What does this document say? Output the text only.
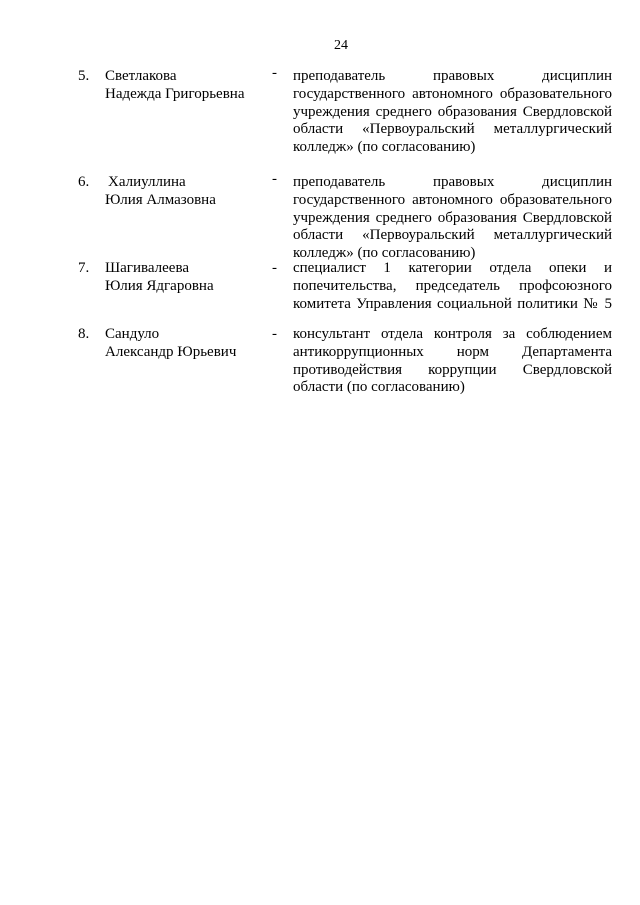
24
5. Светлакова
Надежда Григорьевна
- преподаватель правовых дисциплин
государственного автономного образовательного
учреждения среднего образования Свердловской
области «Первоуральский металлургический
колледж» (по согласованию)
6. Халиуллина
Юлия Алмазовна
- преподаватель правовых дисциплин
государственного автономного образовательного
учреждения среднего образования Свердловской
области «Первоуральский металлургический
колледж» (по согласованию)
7. Шагивалеева
Юлия Ядгаровна
- специалист 1 категории отдела опеки и
попечительства, председатель профсоюзного
комитета Управления социальной политики № 5
8. Сандуло
Александр Юрьевич
- консультант отдела контроля за соблюдением
антикоррупционных норм Департамента
противодействия коррупции Свердловской
области (по согласованию)
